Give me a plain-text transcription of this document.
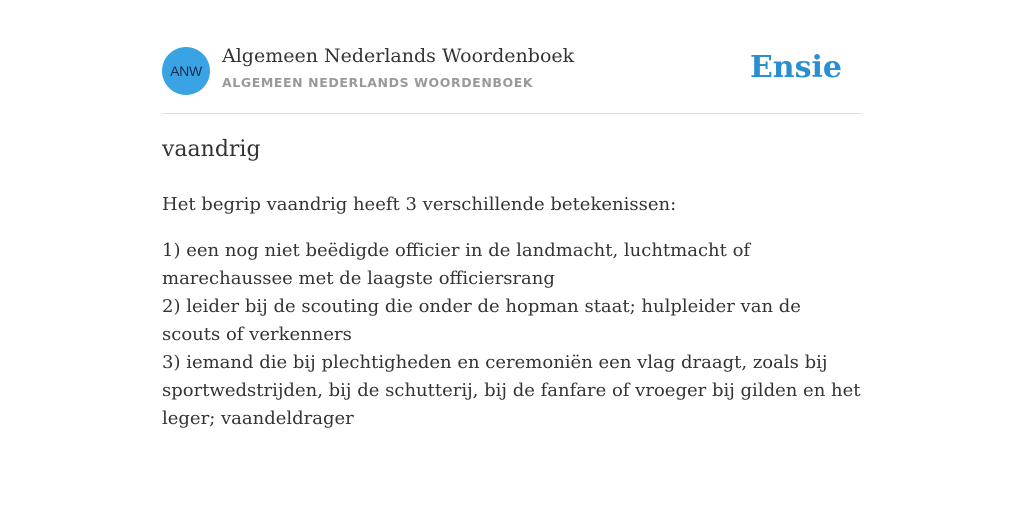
ANW
Algemeen Nederlands Woordenboek
ALGEMEEN NEDERLANDS WOORDENBOEK	Ensie
vaandrig

Het begrip vaandrig heeft 3 verschillende betekenissen:

1) een nog niet beëdigde officier in de landmacht, luchtmacht of marechaussee met de laagste officiersrang
2) leider bij de scouting die onder de hopman staat; hulpleider van de scouts of verkenners
3) iemand die bij plechtigheden en ceremoniën een vlag draagt, zoals bij sportwedstrijden, bij de schutterij, bij de fanfare of vroeger bij gilden en het leger; vaandeldrager
